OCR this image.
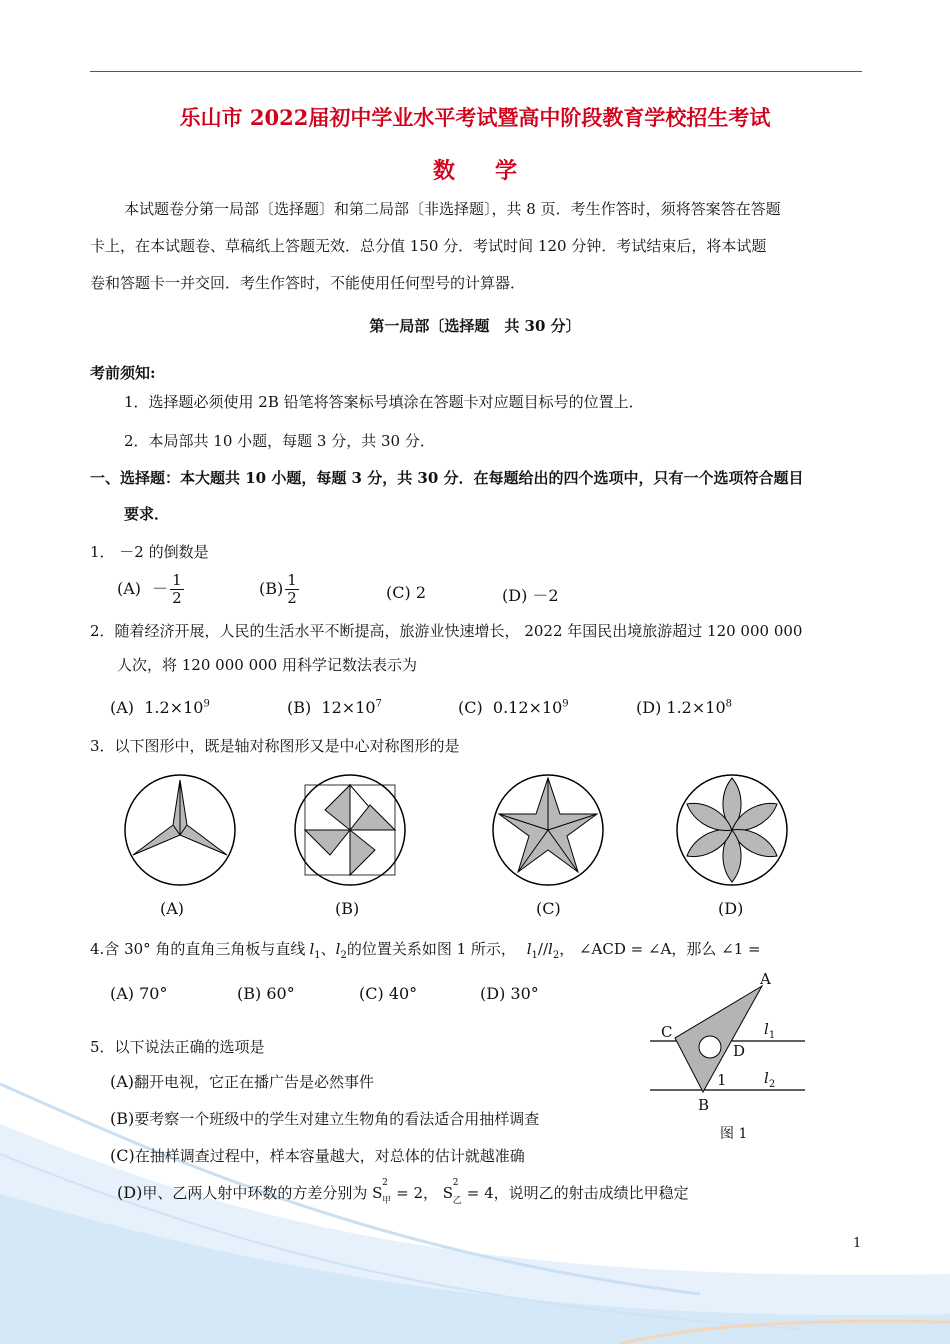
乐山市 2022届初中学业水平考试暨高中阶段教育学校招生考试
数 学
本试题卷分第一局部〔选择题〕和第二局部〔非选择题〕，共 8 页．考生作答时，须将答案答在答题
卡上，在本试题卷、草稿纸上答题无效．总分值 150 分．考试时间 120 分钟．考试结束后，将本试题
卷和答题卡一并交回．考生作答时，不能使用任何型号的计算器．
第一局部〔选择题　共 30 分〕
考前须知:
1．选择题必须使用 2B 铅笔将答案标号填涂在答题卡对应题目标号的位置上．
2．本局部共 10 小题，每题 3 分，共 30 分．
一、选择题：本大题共 10 小题，每题 3 分，共 30 分．在每题给出的四个选项中，只有一个选项符合题目
要求．
1． －2 的倒数是
$(A) - \frac{1}{2}$	$(B) \frac{1}{2}$	(C) 2	(D) －2
2．随着经济开展，人民的生活水平不断提高，旅游业快速增长， 2022 年国民出境旅游超过 120 000 000
人次，将 120 000 000 用科学记数法表示为
(A) $1.2\times 10^9$	(B) $12\times 10^7$	(C) $0.12\times 10^9$	(D) $1.2\times 10^8$
3．以下图形中，既是轴对称图形又是中心对称图形的是
(A)	(B)	(C)	(D)
4.含 30° 角的直角三角板与直线 $l_1$、$l_2$的位置关系如图 1 所示， $l_1//l_2$， ∠ACD = ∠A，那么 ∠1 =
(A) 70°	(B) 60°	(C) 40°	(D) 30°
A
C
D
1
B
$l_1$
$l_2$
图 1
5．以下说法正确的选项是
(A)翻开电视，它正在播广告是必然事件
(B)要考察一个班级中的学生对建立生物角的看法适合用抽样调查
(C)在抽样调查过程中，样本容量越大，对总体的估计就越准确
(D)甲、乙两人射中环数的方差分别为 S
2
甲 = 2， S
2
乙 = 4，说明乙的射击成绩比甲稳定
1
